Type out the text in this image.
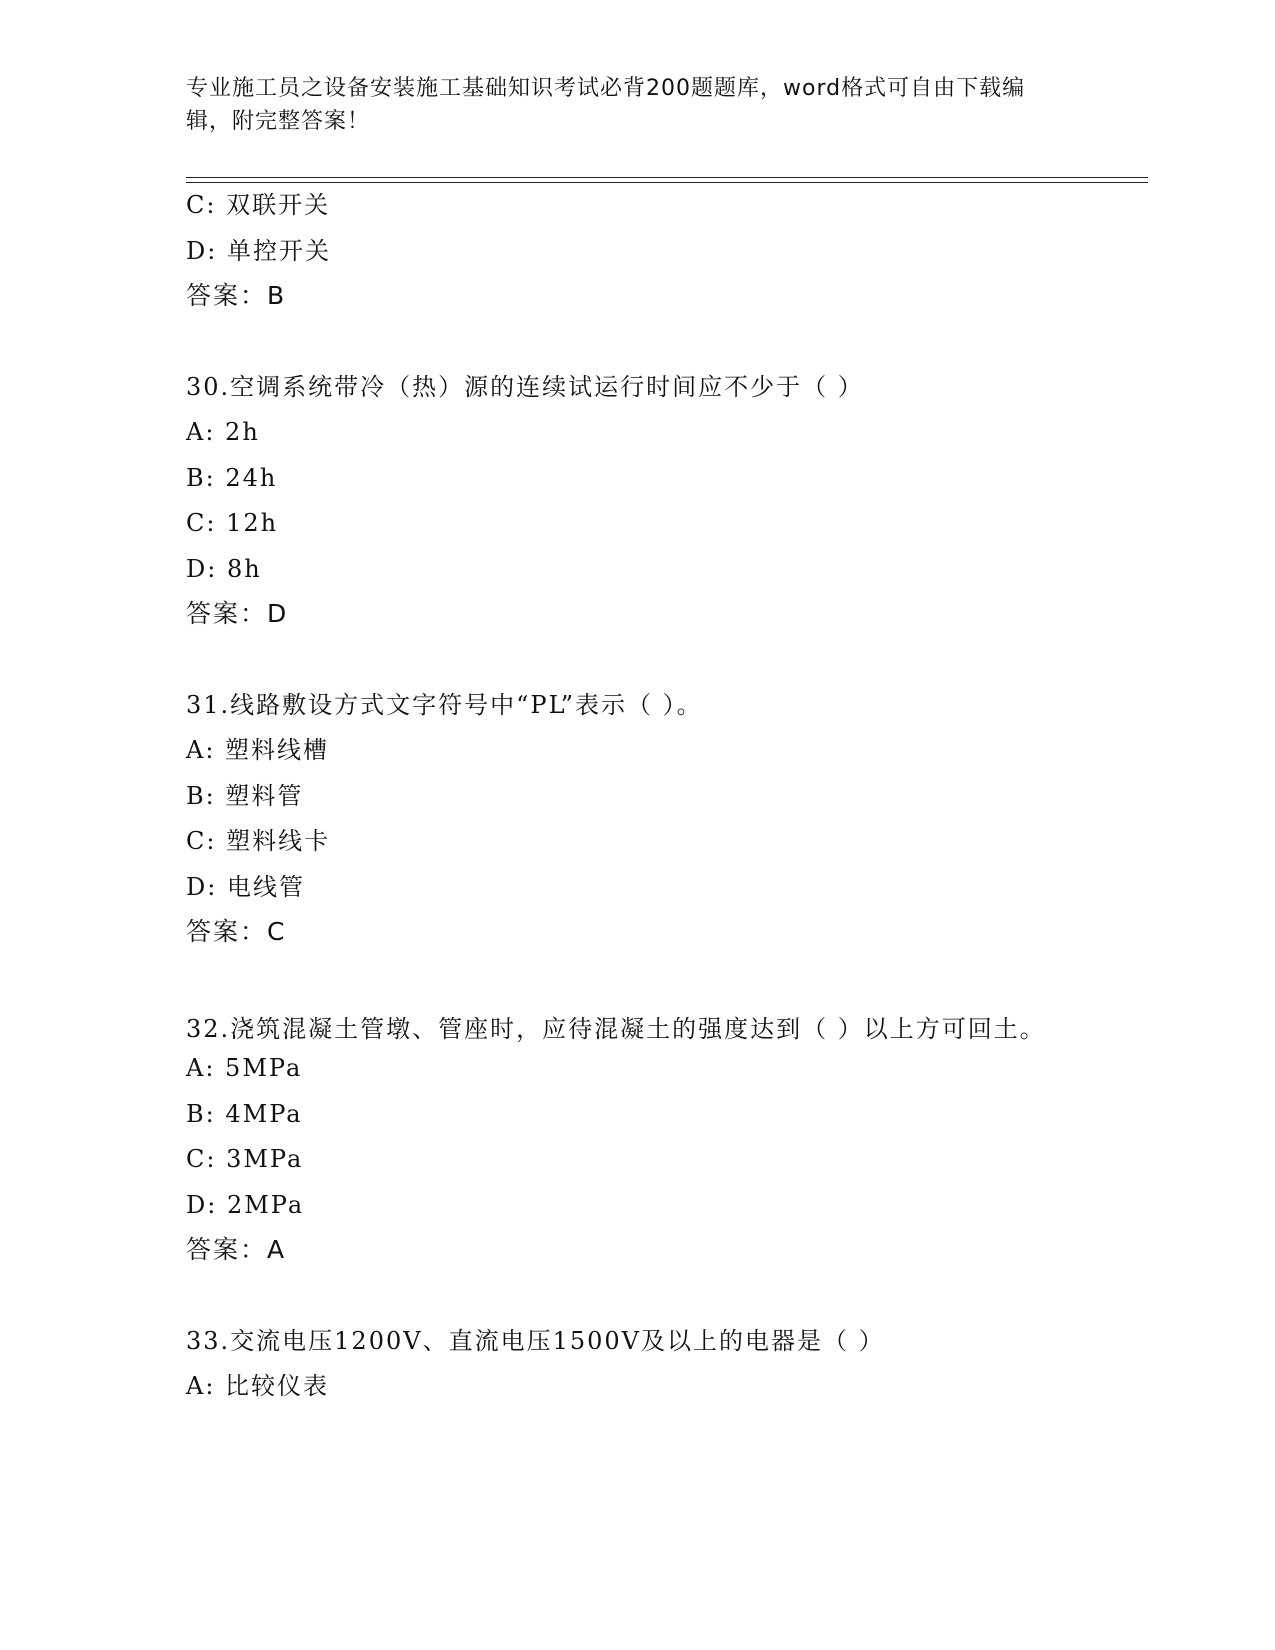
专业施工员之设备安装施工基础知识考试必背200题题库，word格式可自由下载编辑，附完整答案！
C: 双联开关
D: 单控开关
答案：B
30.空调系统带冷（热）源的连续试运行时间应不少于（ ）
A: 2h
B: 24h
C: 12h
D: 8h
答案：D
31.线路敷设方式文字符号中“PL”表示（ ）。
A: 塑料线槽
B: 塑料管
C: 塑料线卡
D: 电线管
答案：C
32.浇筑混凝土管墩、管座时，应待混凝土的强度达到（ ）以上方可回土。
A: 5MPa
B: 4MPa
C: 3MPa
D: 2MPa
答案：A
33.交流电压1200V、直流电压1500V及以上的电器是（ ）
A: 比较仪表
